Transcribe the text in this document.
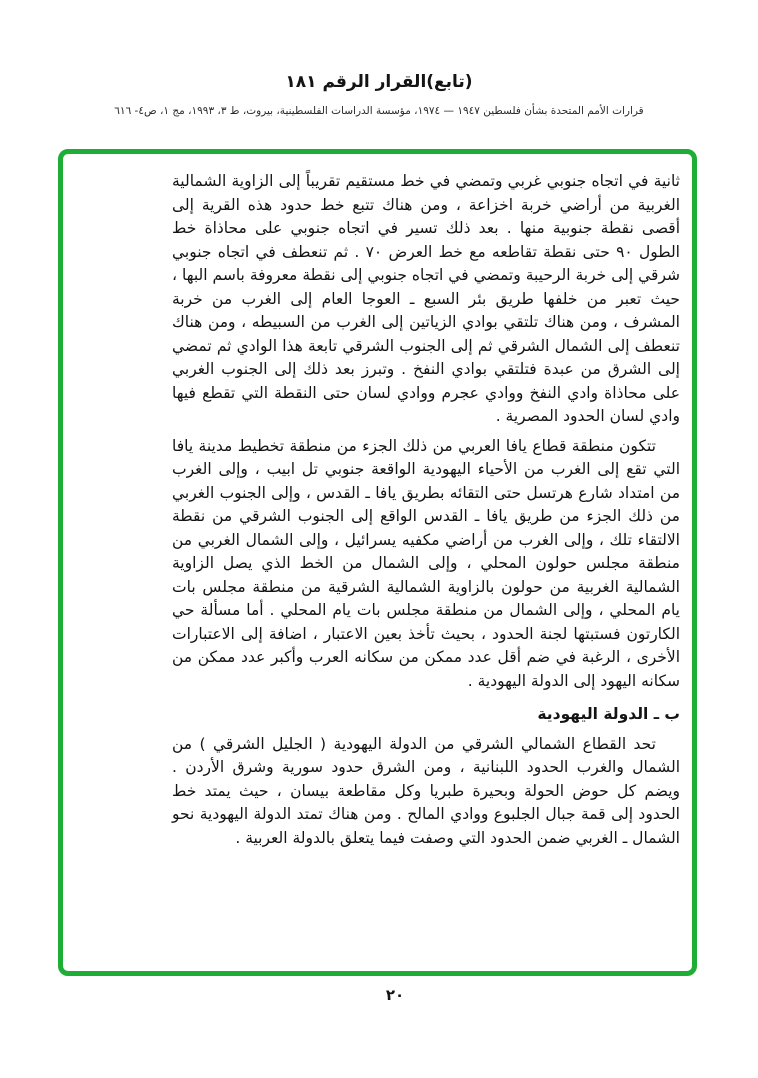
(تابع)القرار الرقم ١٨١
قرارات الأمم المتحدة بشأن فلسطين ١٩٤٧ — ١٩٧٤، مؤسسة الدراسات الفلسطينية، بيروت، ط ٣، ١٩٩٣، مج ١، ص٤- ٦١٦

ثانية في اتجاه جنوبي غربي وتمضي في خط مستقيم تقريباً إلى الزاوية الشمالية الغربية من أراضي خربة اخزاعة ، ومن هناك تتبع خط حدود هذه القرية إلى أقصى نقطة جنوبية منها . بعد ذلك تسير في اتجاه جنوبي على محاذاة خط الطول ٩٠ حتى نقطة تقاطعه مع خط العرض ٧٠ . ثم تنعطف في اتجاه جنوبي شرقي إلى خربة الرحيبة وتمضي في اتجاه جنوبي إلى نقطة معروفة باسم البها ، حيث تعبر من خلفها طريق بئر السبع ـ العوجا العام إلى الغرب من خربة المشرف ، ومن هناك تلتقي بوادي الزياتين إلى الغرب من السبيطه ، ومن هناك تنعطف إلى الشمال الشرقي ثم إلى الجنوب الشرقي تابعة هذا الوادي ثم تمضي إلى الشرق من عبدة فتلتقي بوادي النفخ . وتبرز بعد ذلك إلى الجنوب الغربي على محاذاة وادي النفخ ووادي عجرم ووادي لسان حتى النقطة التي تقطع فيها وادي لسان الحدود المصرية .

تتكون منطقة قطاع يافا العربي من ذلك الجزء من منطقة تخطيط مدينة يافا التي تقع إلى الغرب من الأحياء اليهودية الواقعة جنوبي تل ابيب ، وإلى الغرب من امتداد شارع هرتسل حتى التقائه بطريق يافا ـ القدس ، وإلى الجنوب الغربي من ذلك الجزء من طريق يافا ـ القدس الواقع إلى الجنوب الشرقي من نقطة الالتقاء تلك ، وإلى الغرب من أراضي مكفيه يسرائيل ، وإلى الشمال الغربي من منطقة مجلس حولون المحلي ، وإلى الشمال من الخط الذي يصل الزاوية الشمالية الغربية من حولون بالزاوية الشمالية الشرقية من منطقة مجلس بات يام المحلي ، وإلى الشمال من منطقة مجلس بات يام المحلي . أما مسألة حي الكارتون فستبتها لجنة الحدود ، بحيث تأخذ بعين الاعتبار ، اضافة إلى الاعتبارات الأخرى ، الرغبة في ضم أقل عدد ممكن من سكانه العرب وأكبر عدد ممكن من سكانه اليهود إلى الدولة اليهودية .

ب ـ الدولة اليهودية

تحد القطاع الشمالي الشرقي من الدولة اليهودية ( الجليل الشرقي ) من الشمال والغرب الحدود اللبنانية ، ومن الشرق حدود سورية وشرق الأردن . ويضم كل حوض الحولة وبحيرة طبريا وكل مقاطعة بيسان ، حيث يمتد خط الحدود إلى قمة جبال الجلبوع ووادي المالح . ومن هناك تمتد الدولة اليهودية نحو الشمال ـ الغربي ضمن الحدود التي وصفت فيما يتعلق بالدولة العربية .

٢٠
